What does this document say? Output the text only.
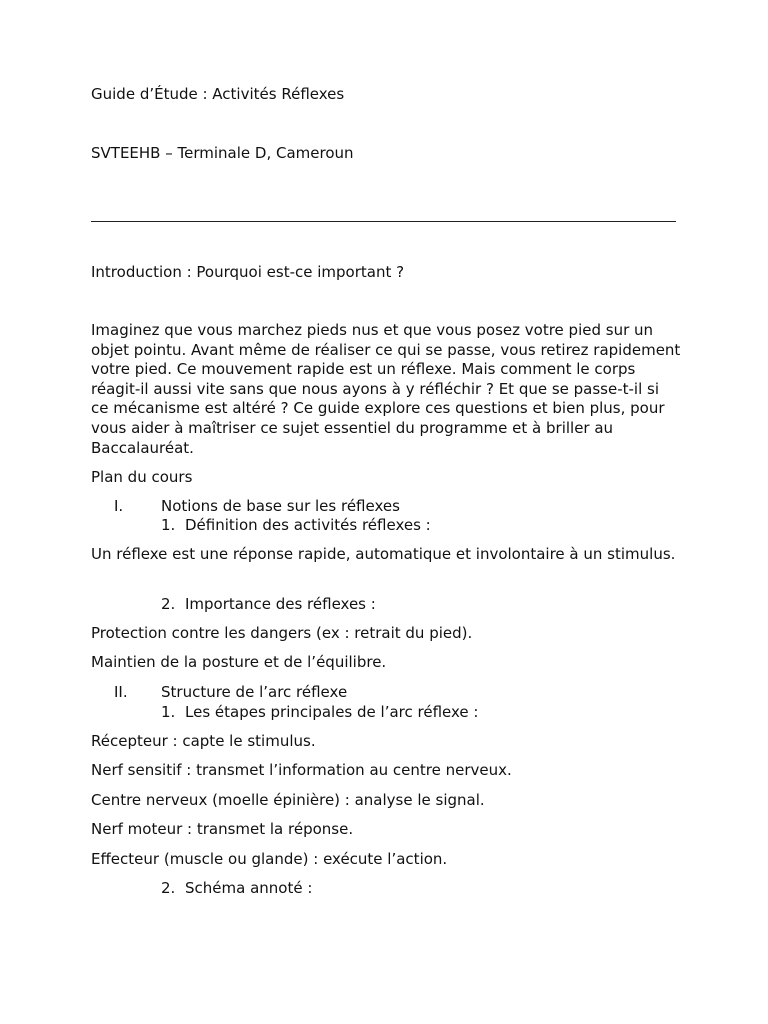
Guide d’Étude : Activités Réflexes
SVTEEHB – Terminale D, Cameroun
Introduction : Pourquoi est-ce important ?
Imaginez que vous marchez pieds nus et que vous posez votre pied sur un objet pointu. Avant même de réaliser ce qui se passe, vous retirez rapidement votre pied. Ce mouvement rapide est un réflexe. Mais comment le corps réagit-il aussi vite sans que nous ayons à y réfléchir ? Et que se passe-t-il si ce mécanisme est altéré ? Ce guide explore ces questions et bien plus, pour vous aider à maîtriser ce sujet essentiel du programme et à briller au Baccalauréat.
Plan du cours
I.	Notions de base sur les réflexes
1. Définition des activités réflexes :
Un réflexe est une réponse rapide, automatique et involontaire à un stimulus.
2. Importance des réflexes :
Protection contre les dangers (ex : retrait du pied).
Maintien de la posture et de l’équilibre.
II. Structure de l’arc réflexe
1. Les étapes principales de l’arc réflexe :
Récepteur : capte le stimulus.
Nerf sensitif : transmet l’information au centre nerveux.
Centre nerveux (moelle épinière) : analyse le signal.
Nerf moteur : transmet la réponse.
Effecteur (muscle ou glande) : exécute l’action.
2. Schéma annoté :
